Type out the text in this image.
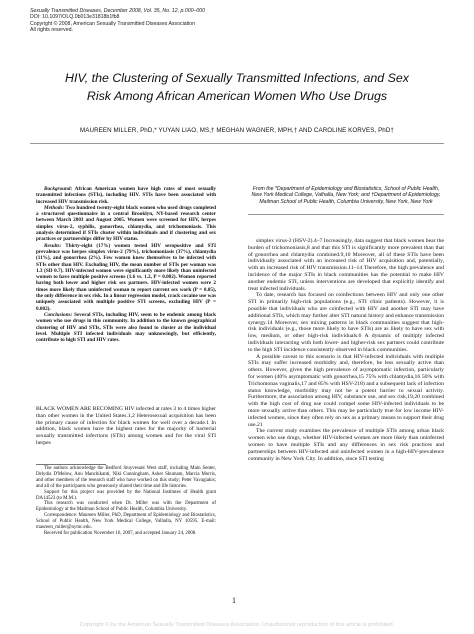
Sexually Transmitted Diseases, December 2008, Vol. 35, No. 12, p.000–000
DOI: 10.1097/OLQ.0b013e31818b1fb8
Copyright © 2008, American Sexually Transmitted Diseases Association
All rights reserved.
HIV, the Clustering of Sexually Transmitted Infections, and Sex
Risk Among African American Women Who Use Drugs
MAUREEN MILLER, PhD,* YUYAN LIAO, MS,† MEGHAN WAGNER, MPH,† AND CAROLINE KORVES, PhD†

Background: African American women have high rates of most sexually transmitted infections (STIs), including HIV. STIs have been associated with increased HIV transmission risk.

Methods: Two hundred twenty-eight black women who used drugs completed a structured questionnaire in a central Brooklyn, NY-based research center between March 2003 and August 2005. Women were screened for HIV, herpes simplex virus-2, syphilis, gonorrhea, chlamydia, and trichomoniasis. This analysis determined if STIs cluster within individuals and if clustering and sex practices or partnerships differ by HIV status.

Results: Thirty-eight (17%) women tested HIV seropositive and STI prevalence was herpes simplex virus-2 (79%), trichomoniasis (37%), chlamydia (11%), and gonorrhea (2%). Few women knew themselves to be infected with STIs other than HIV. Excluding HIV, the mean number of STIs per woman was 1.3 (SD 0.7). HIV-infected women were significantly more likely than uninfected women to have multiple positive screens (1.6 vs. 1.2, P = 0.002). Women reported having both lower and higher risk sex partners. HIV-infected women were 2 times more likely than uninfected woman to report current sex work (P = 0.05), the only difference in sex risk. In a linear regression model, crack cocaine use was uniquely associated with multiple positive STI screens, excluding HIV (P = 0.002).

Conclusions: Several STIs, including HIV, seem to be endemic among black women who use drugs in this community. In addition to the known geographical clustering of HIV and STIs, STIs were also found to cluster at the individual level. Multiple STI infected individuals may unknowingly, but efficiently, contribute to high STI and HIV rates.

BLACK WOMEN ARE BECOMING HIV infected at rates 3 to 4 times higher than other women in the United States.1,2 Heterosexual acquisition has been the primary cause of infection for black women for well over a decade.1 In addition, black women have the highest rates for the majority of bacterial sexually transmitted infections (STIs) among women and for the viral STI herpes

The authors acknowledge the Bedford Stuyvesant West staff, including Main Senter, Delydia D'Melow, Anu Manchikanti, Niki Cunningham, Asher Shumam, Marcia Morris, and other members of the research staff who have worked on this study; Peter Vavagiakis; and all of the participants who generously shared their time and life histories.

Support for this project was provided by the National Institutes of Health grant DA14523 (to M.M.).

This research was conducted when Dr. Miller was with the Department of Epidemiology at the Mailman School of Public Health, Columbia University.

Correspondence: Maureen Miller, PhD, Department of Epidemiology and Biostatistics, School of Public Health, New York Medical College, Valhalla, NY 10595. E-mail: maureen_miller@nymc.edu.

Received for publication November 16, 2007, and accepted January 24, 2008.

From the *Department of Epidemiology and Biostatistics, School of Public Health, New York Medical College, Valhalla, New York; and †Department of Epidemiology, Mailman School of Public Health, Columbia University, New York, New York

simplex virus-2 (HSV-2).4–7 Increasingly, data suggest that black women bear the burden of trichomoniasis,8 and that this STI is significantly more prevalent than that of gonorrhea and chlamydia combined.9,10 Moreover, all of these STIs have been individually associated with an increased risk of HIV acquisition and, potentially, with an increased risk of HIV transmission.11–14 Therefore, the high prevalence and incidence of the major STIs in black communities has the potential to make HIV another endemic STI, unless interventions are developed that explicitly identify and treat infected individuals.

To date, research has focused on coinfections between HIV and only one other STI in primarily high-risk populations (e.g., STI clinic patients). However, it is possible that individuals who are coinfected with HIV and another STI may have additional STIs, which may further alter STI natural history and enhance transmission synergy.14 Moreover, sex mixing patterns in black communities suggest that high-risk individuals (e.g., those more likely to have STIs) are as likely to have sex with low, medium, or other high-risk individuals.6 A dynamic of multiply infected individuals interacting with both lower- and higher-risk sex partners could contribute to the high STI incidence consistently observed in black communities.

A possible caveat to this scenario is that HIV-infected individuals with multiple STIs may suffer increased morbidity and, therefore, be less sexually active than others. However, given the high prevalence of asymptomatic infection, particularly for women (40% asymptomatic with gonorrhea,15 75% with chlamydia,16 50% with Trichomonas vaginalis,17 and 85% with HSV-218) and a subsequent lack of infection status knowledge, morbidity may not be a potent barrier to sexual activity. Furthermore, the association among HIV, substance use, and sex risk,19,20 combined with the high cost of drug use could compel some HIV-infected individuals to be more sexually active than others. This may be particularly true for low income HIV-infected women, since they often rely on sex as a primary means to support their drug use.21

The current study examines the prevalence of multiple STIs among urban black women who use drugs, whether HIV-infected women are more likely than uninfected women to have multiple STIs and any differences in sex risk practices and partnerships between HIV-infected and uninfected women in a high-HIV-prevalence community in New York City. In addition, since STI testing

1
Copyright © by the American Sexually Transmitted Diseases Association. Unauthorized reproduction of this article is prohibited.
